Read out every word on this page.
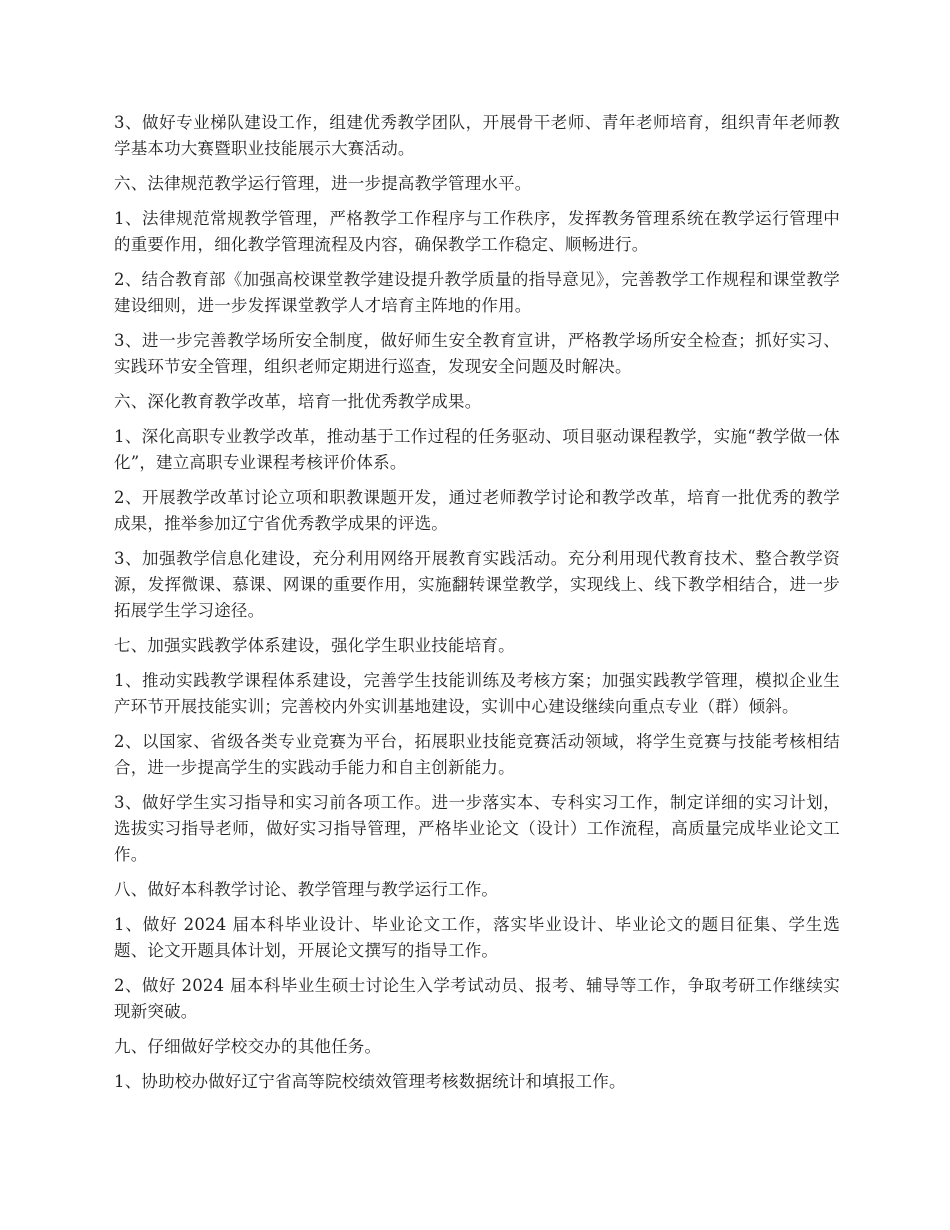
3、做好专业梯队建设工作，组建优秀教学团队，开展骨干老师、青年老师培育，组织青年老师教学基本功大赛暨职业技能展示大赛活动。

六、法律规范教学运行管理，进一步提高教学管理水平。

1、法律规范常规教学管理，严格教学工作程序与工作秩序，发挥教务管理系统在教学运行管理中的重要作用，细化教学管理流程及内容，确保教学工作稳定、顺畅进行。

2、结合教育部《加强高校课堂教学建设提升教学质量的指导意见》，完善教学工作规程和课堂教学建设细则，进一步发挥课堂教学人才培育主阵地的作用。

3、进一步完善教学场所安全制度，做好师生安全教育宣讲，严格教学场所安全检查；抓好实习、实践环节安全管理，组织老师定期进行巡查，发现安全问题及时解决。

六、深化教育教学改革，培育一批优秀教学成果。

1、深化高职专业教学改革，推动基于工作过程的任务驱动、项目驱动课程教学，实施“教学做一体化”，建立高职专业课程考核评价体系。

2、开展教学改革讨论立项和职教课题开发，通过老师教学讨论和教学改革，培育一批优秀的教学成果，推举参加辽宁省优秀教学成果的评选。

3、加强教学信息化建设，充分利用网络开展教育实践活动。充分利用现代教育技术、整合教学资源，发挥微课、慕课、网课的重要作用，实施翻转课堂教学，实现线上、线下教学相结合，进一步拓展学生学习途径。

七、加强实践教学体系建设，强化学生职业技能培育。

1、推动实践教学课程体系建设，完善学生技能训练及考核方案；加强实践教学管理，模拟企业生产环节开展技能实训；完善校内外实训基地建设，实训中心建设继续向重点专业（群）倾斜。

2、以国家、省级各类专业竞赛为平台，拓展职业技能竞赛活动领域，将学生竞赛与技能考核相结合，进一步提高学生的实践动手能力和自主创新能力。

3、做好学生实习指导和实习前各项工作。进一步落实本、专科实习工作，制定详细的实习计划，选拔实习指导老师，做好实习指导管理，严格毕业论文（设计）工作流程，高质量完成毕业论文工作。

八、做好本科教学讨论、教学管理与教学运行工作。

1、做好 2024 届本科毕业设计、毕业论文工作，落实毕业设计、毕业论文的题目征集、学生选题、论文开题具体计划，开展论文撰写的指导工作。

2、做好 2024 届本科毕业生硕士讨论生入学考试动员、报考、辅导等工作，争取考研工作继续实现新突破。

九、仔细做好学校交办的其他任务。

1、协助校办做好辽宁省高等院校绩效管理考核数据统计和填报工作。
